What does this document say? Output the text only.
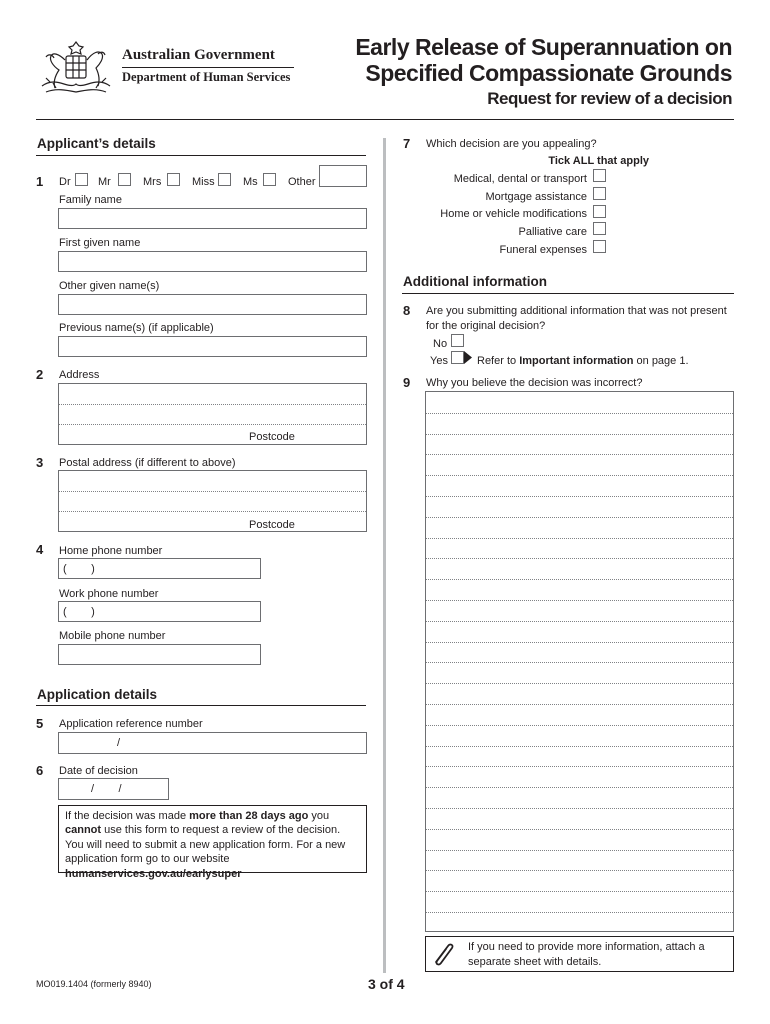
Australian Government
Department of Human Services
Early Release of Superannuation on
Specified Compassionate Grounds
Request for review of a decision
Applicant’s details
1 Dr Mr	Mrs	Miss	Ms	Other
Family name
First given name
Other given name(s)
Previous name(s) (if applicable)
2 Address
Postcode
3 Postal address (if different to above)
Postcode
4 Home phone number
(        )
Work phone number
(        )
Mobile phone number
Application details
5 Application reference number
/
6 Date of decision
/        /
If the decision was made more than 28 days ago you cannot use this form to request a review of the decision. You will need to submit a new application form. For a new application form go to our website humanservices.gov.au/earlysuper
7 Which decision are you appealing?
Tick ALL that apply
Medical, dental or transport
Mortgage assistance
Home or vehicle modifications
Palliative care
Funeral expenses
Additional information
8 Are you submitting additional information that was not present
for the original decision?
No
Yes	Refer to Important information on page 1.
9 Why you believe the decision was incorrect?
If you need to provide more information, attach a
separate sheet with details.
MO019.1404 (formerly 8940)	3 of 4
